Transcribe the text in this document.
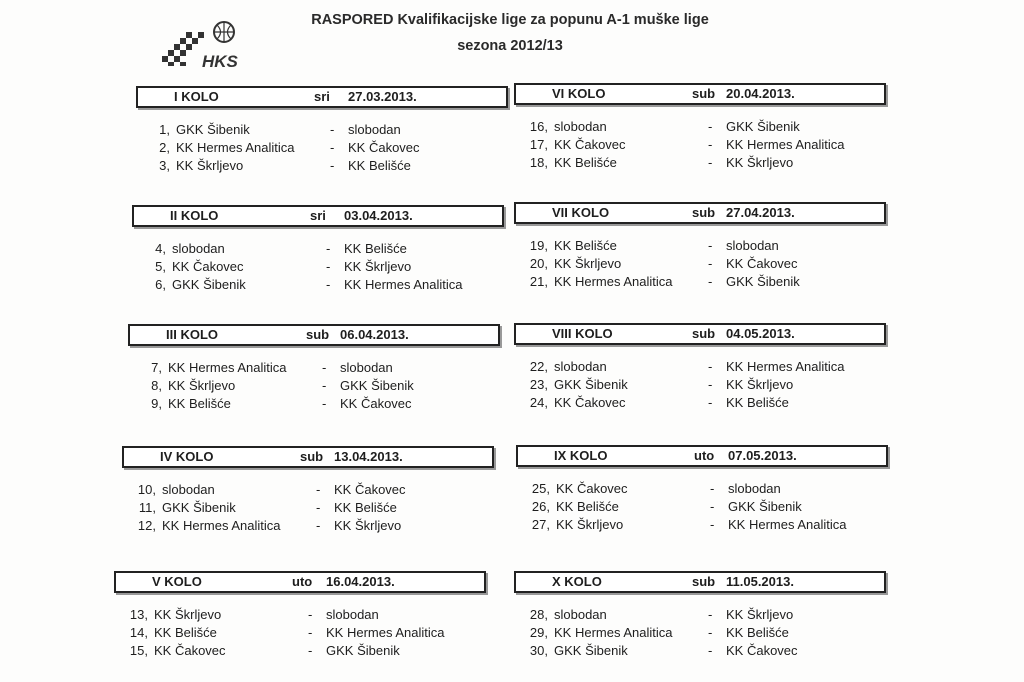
HKS
RASPORED Kvalifikacijske lige za popunu A-1 muške lige
sezona 2012/13
I KOLO	sri 27.03.2013.
1, GKK Šibenik	- slobodan
2, KK Hermes Analitica	- KK Čakovec
3, KK Škrljevo	- KK Belišće
II KOLO	sri 03.04.2013.
4, slobodan	- KK Belišće
5, KK Čakovec	- KK Škrljevo
6, GKK Šibenik	- KK Hermes Analitica
III KOLO	sub 06.04.2013.
7, KK Hermes Analitica	- slobodan
8, KK Škrljevo	- GKK Šibenik
9, KK Belišće	- KK Čakovec
IV KOLO	sub 13.04.2013.
10, slobodan	- KK Čakovec
11, GKK Šibenik	- KK Belišće
12, KK Hermes Analitica	- KK Škrljevo
V KOLO	uto 16.04.2013.
13, KK Škrljevo	- slobodan
14, KK Belišće	- KK Hermes Analitica
15, KK Čakovec	- GKK Šibenik
VI KOLO	sub 20.04.2013.
16, slobodan	- GKK Šibenik
17, KK Čakovec	- KK Hermes Analitica
18, KK Belišće	- KK Škrljevo
VII KOLO	sub 27.04.2013.
19, KK Belišće	- slobodan
20, KK Škrljevo	- KK Čakovec
21, KK Hermes Analitica	- GKK Šibenik
VIII KOLO	sub 04.05.2013.
22, slobodan	- KK Hermes Analitica
23, GKK Šibenik	- KK Škrljevo
24, KK Čakovec	- KK Belišće
IX KOLO	uto 07.05.2013.
25, KK Čakovec	- slobodan
26, KK Belišće	- GKK Šibenik
27, KK Škrljevo	- KK Hermes Analitica
X KOLO	sub 11.05.2013.
28, slobodan	- KK Škrljevo
29, KK Hermes Analitica	- KK Belišće
30, GKK Šibenik	- KK Čakovec
